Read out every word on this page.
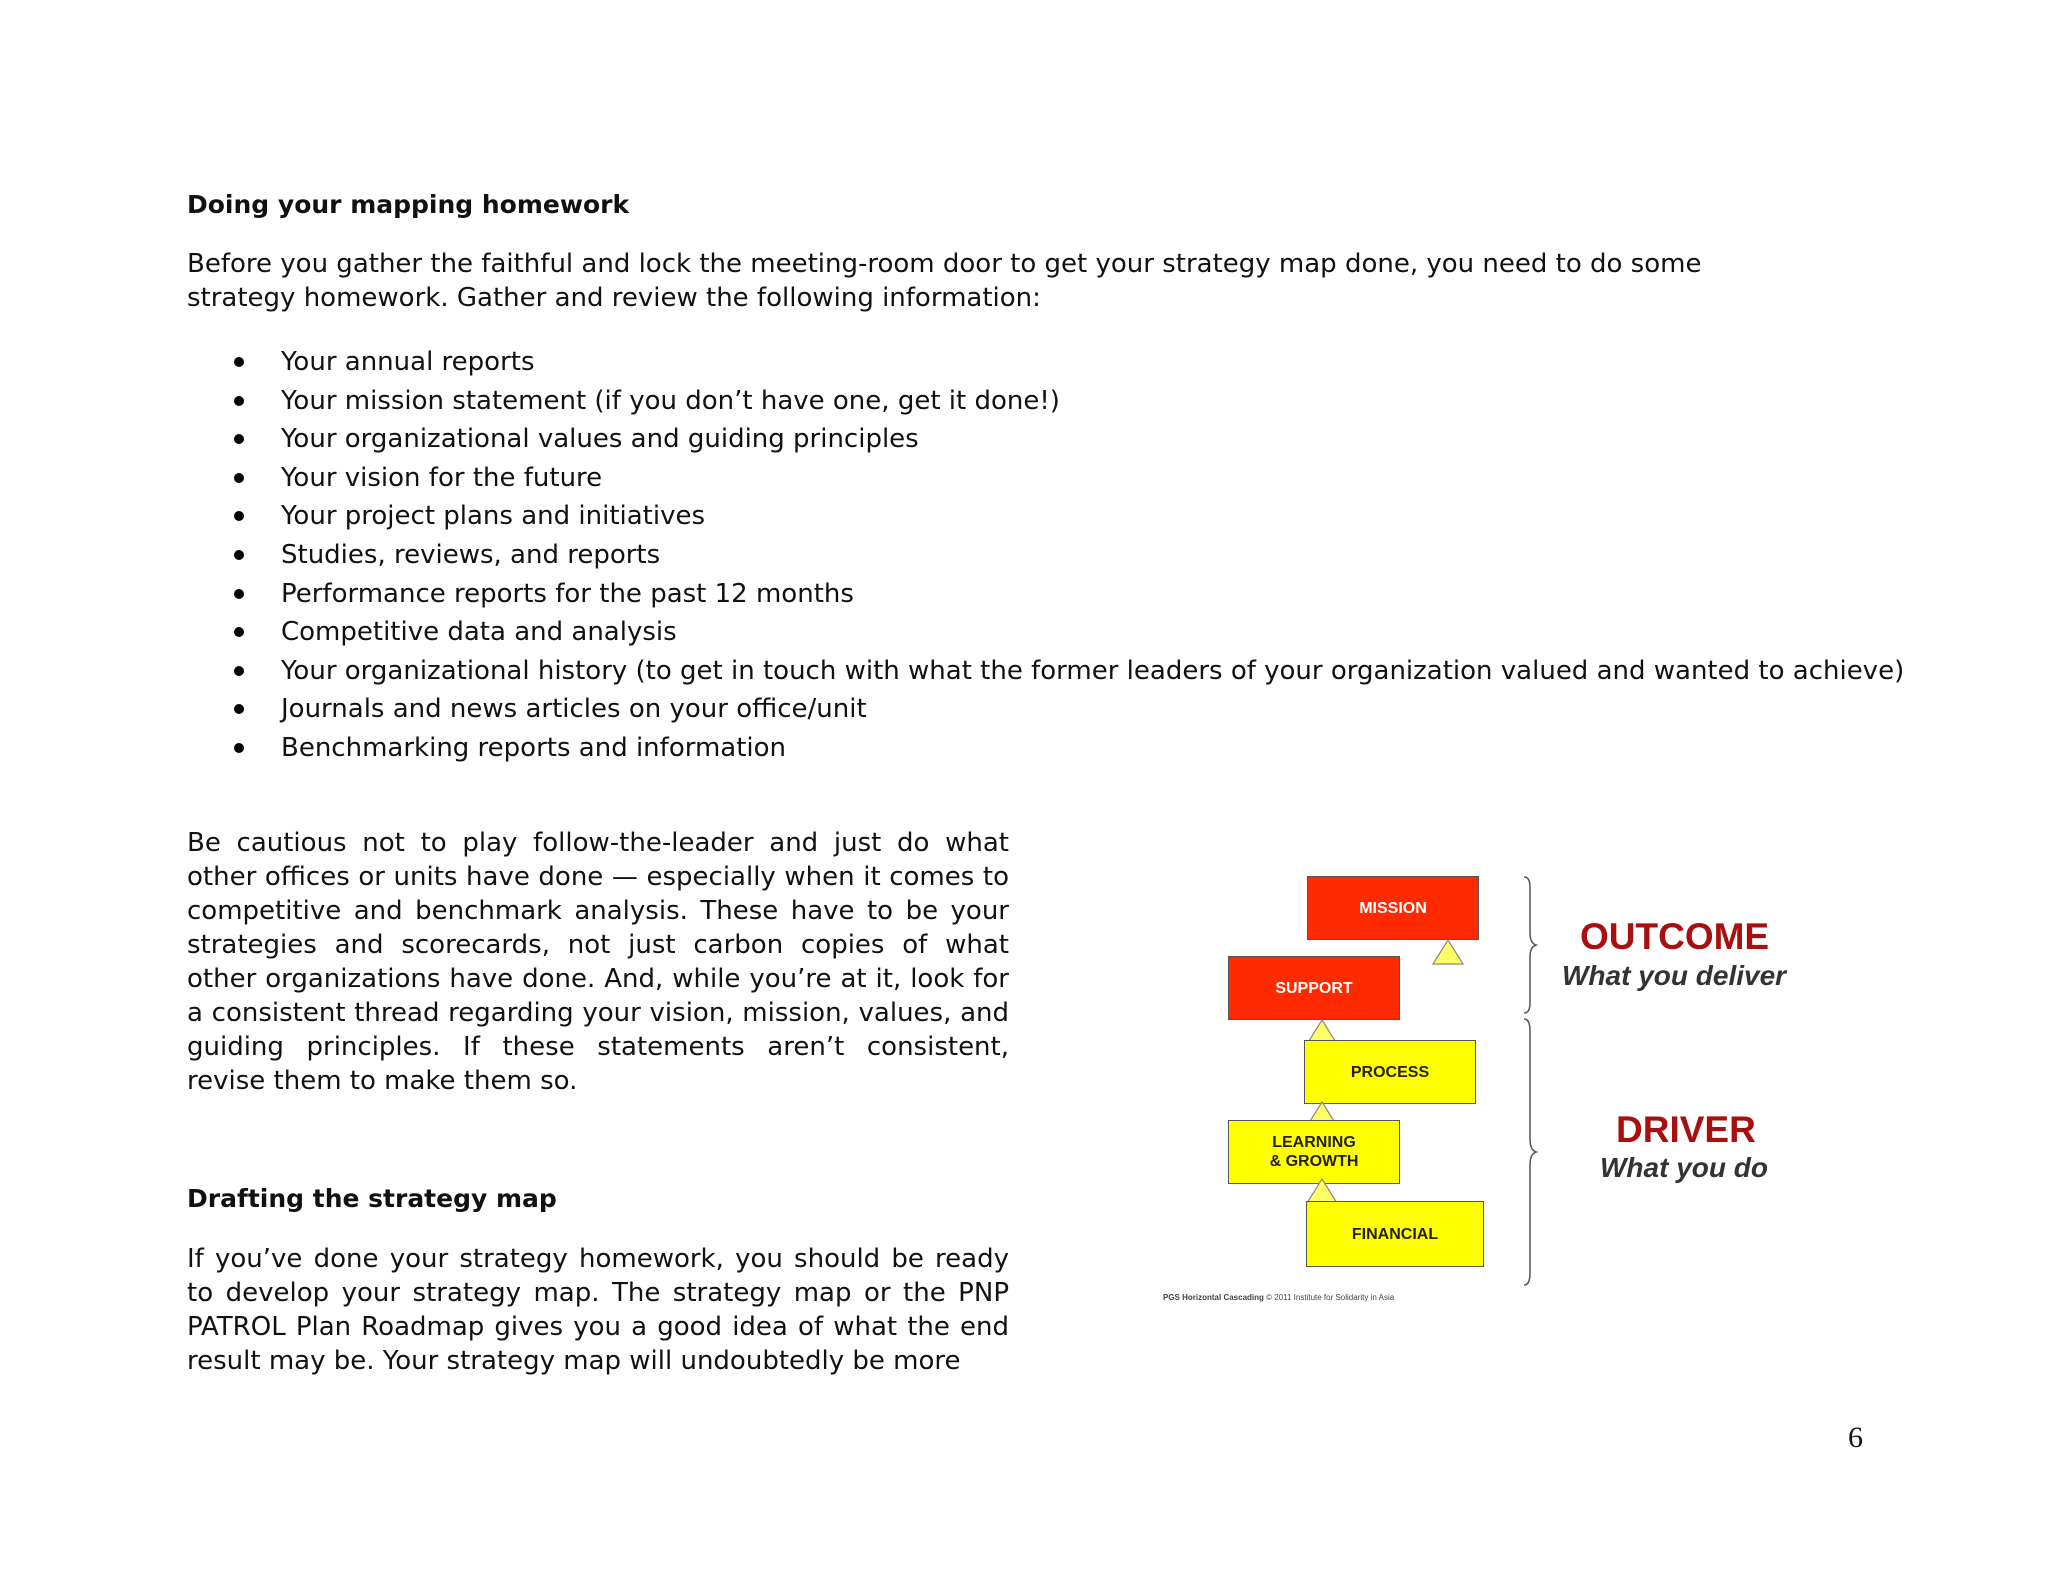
Doing your mapping homework

Before you gather the faithful and lock the meeting-room door to get your strategy map done, you need to do some strategy homework. Gather and review the following information:

Your annual reports
Your mission statement (if you don’t have one, get it done!)
Your organizational values and guiding principles
Your vision for the future
Your project plans and initiatives
Studies, reviews, and reports
Performance reports for the past 12 months
Competitive data and analysis
Your organizational history (to get in touch with what the former leaders of your organization valued and wanted to achieve)
Journals and news articles on your office/unit
Benchmarking reports and information

Be cautious not to play follow-the-leader and just do what other offices or units have done — especially when it comes to competitive and benchmark analysis. These have to be your strategies and scorecards, not just carbon copies of what other organizations have done. And, while you’re at it, look for a consistent thread regarding your vision, mission, values, and guiding principles. If these statements aren’t consistent, revise them to make them so.

Drafting the strategy map

If you’ve done your strategy homework, you should be ready to develop your strategy map. The strategy map or the PNP PATROL Plan Roadmap gives you a good idea of what the end result may be. Your strategy map will undoubtedly be more

MISSION
SUPPORT
PROCESS
LEARNING
& GROWTH
FINANCIAL
OUTCOME
What you deliver
DRIVER
What you do
PGS Horizontal Cascading © 2011 Institute for Solidarity in Asia
6
